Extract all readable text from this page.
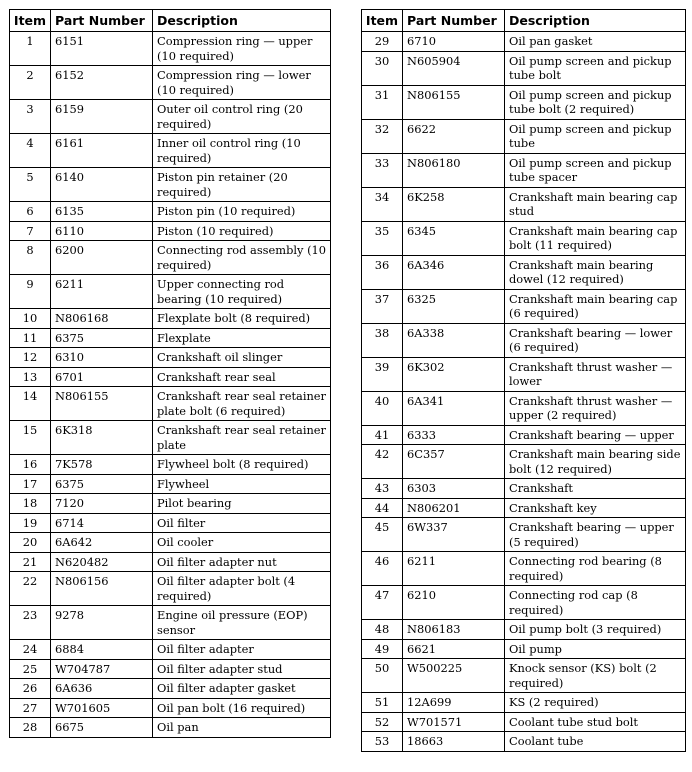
Item	Part Number	Description
1	6151	Compression ring — upper (10 required)
2	6152	Compression ring — lower (10 required)
3	6159	Outer oil control ring (20 required)
4	6161	Inner oil control ring (10 required)
5	6140	Piston pin retainer (20 required)
6	6135	Piston pin (10 required)
7	6110	Piston (10 required)
8	6200	Connecting rod assembly (10 required)
9	6211	Upper connecting rod bearing (10 required)
10	N806168	Flexplate bolt (8 required)
11	6375	Flexplate
12	6310	Crankshaft oil slinger
13	6701	Crankshaft rear seal
14	N806155	Crankshaft rear seal retainer plate bolt (6 required)
15	6K318	Crankshaft rear seal retainer plate
16	7K578	Flywheel bolt (8 required)
17	6375	Flywheel
18	7120	Pilot bearing
19	6714	Oil filter
20	6A642	Oil cooler
21	N620482	Oil filter adapter nut
22	N806156	Oil filter adapter bolt (4 required)
23	9278	Engine oil pressure (EOP) sensor
24	6884	Oil filter adapter
25	W704787	Oil filter adapter stud
26	6A636	Oil filter adapter gasket
27	W701605	Oil pan bolt (16 required)
28	6675	Oil pan
Item	Part Number	Description
29	6710	Oil pan gasket
30	N605904	Oil pump screen and pickup tube bolt
31	N806155	Oil pump screen and pickup tube bolt (2 required)
32	6622	Oil pump screen and pickup tube
33	N806180	Oil pump screen and pickup tube spacer
34	6K258	Crankshaft main bearing cap stud
35	6345	Crankshaft main bearing cap bolt (11 required)
36	6A346	Crankshaft main bearing dowel (12 required)
37	6325	Crankshaft main bearing cap (6 required)
38	6A338	Crankshaft bearing — lower (6 required)
39	6K302	Crankshaft thrust washer — lower
40	6A341	Crankshaft thrust washer — upper (2 required)
41	6333	Crankshaft bearing — upper
42	6C357	Crankshaft main bearing side bolt (12 required)
43	6303	Crankshaft
44	N806201	Crankshaft key
45	6W337	Crankshaft bearing — upper (5 required)
46	6211	Connecting rod bearing (8 required)
47	6210	Connecting rod cap (8 required)
48	N806183	Oil pump bolt (3 required)
49	6621	Oil pump
50	W500225	Knock sensor (KS) bolt (2 required)
51	12A699	KS (2 required)
52	W701571	Coolant tube stud bolt
53	18663	Coolant tube
